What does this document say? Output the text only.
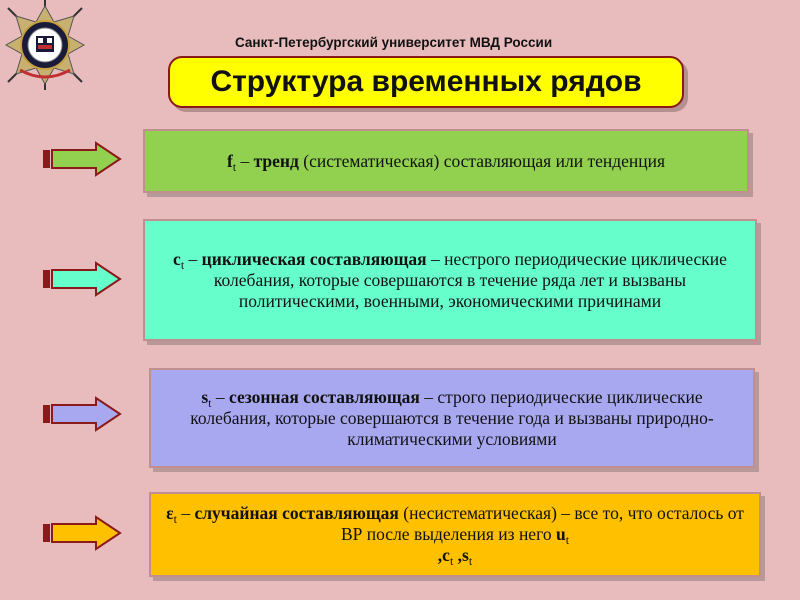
Санкт-Петербургский университет МВД России
Структура временных рядов

$f_t$ – тренд (систематическая) составляющая или тенденция

$c_t$ – циклическая составляющая – нестрого периодические циклические колебания, которые совершаются в течение ряда лет и вызваны политическими, военными, экономическими причинами

$s_t$ – сезонная составляющая – строго периодические циклические колебания, которые совершаются в течение года и вызваны природно-климатическими условиями

$\varepsilon_t$ – случайная составляющая (несистематическая) – все то, что осталось от ВР после выделения из него $u_t$
$,c_t$ $,s_t$
